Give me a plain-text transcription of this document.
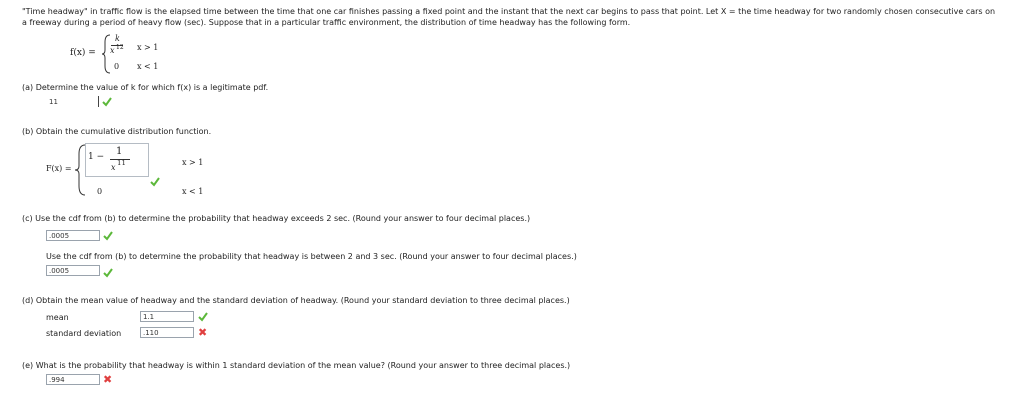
"Time headway" in traffic flow is the elapsed time between the time that one car finishes passing a fixed point and the instant that the next car begins to pass that point. Let X = the time headway for two randomly chosen consecutive cars on
a freeway during a period of heavy flow (sec). Suppose that in a particular traffic environment, the distribution of time headway has the following form.
f(x) =
k
x 12 x > 1
0 x < 1
(a) Determine the value of k for which f(x) is a legitimate pdf.
11
(b) Obtain the cumulative distribution function.
F(x) =
1 − 1
x 11	x > 1
0	x < 1
(c) Use the cdf from (b) to determine the probability that headway exceeds 2 sec. (Round your answer to four decimal places.)
.0005
Use the cdf from (b) to determine the probability that headway is between 2 and 3 sec. (Round your answer to four decimal places.)
.0005
(d) Obtain the mean value of headway and the standard deviation of headway. (Round your standard deviation to three decimal places.)
mean	1.1
standard deviation	.110	✖
(e) What is the probability that headway is within 1 standard deviation of the mean value? (Round your answer to three decimal places.)
.994	✖
